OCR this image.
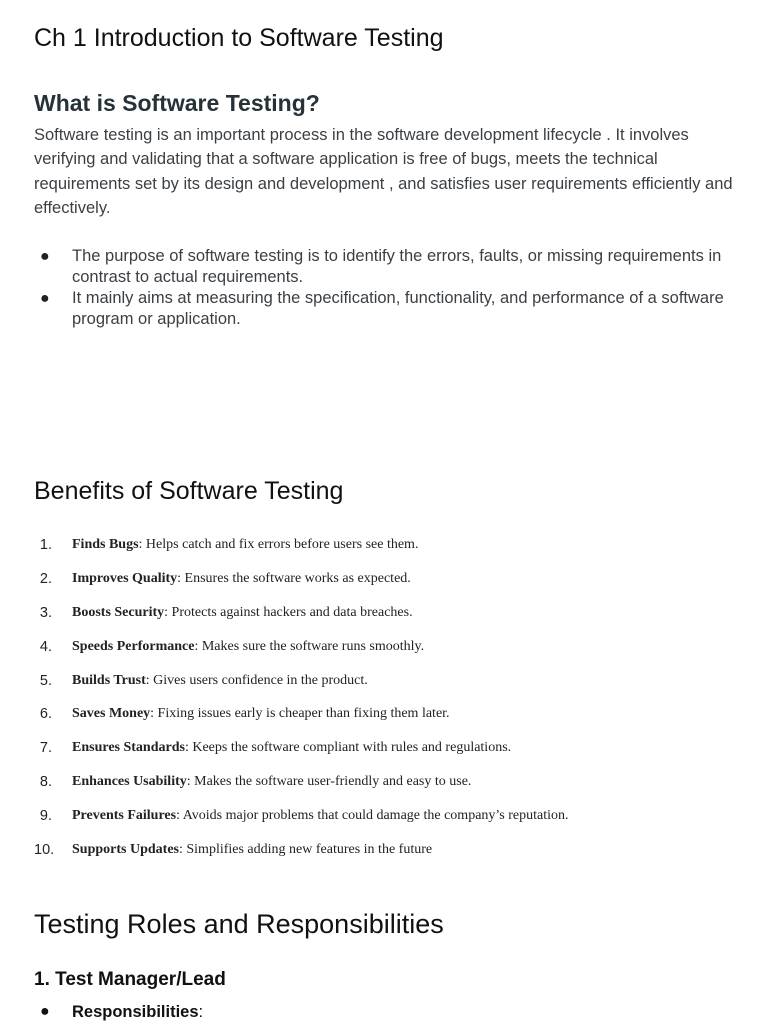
Ch 1 Introduction to Software Testing
What is Software Testing?

Software testing is an important process in the software development lifecycle . It involves verifying and validating that a software application is free of bugs, meets the technical requirements set by its design and development , and satisfies user requirements efficiently and effectively.

● The purpose of software testing is to identify the errors, faults, or missing requirements in contrast to actual requirements.
● It mainly aims at measuring the specification, functionality, and performance of a software program or application.
Benefits of Software Testing
1. Finds Bugs: Helps catch and fix errors before users see them.
2. Improves Quality: Ensures the software works as expected.
3. Boosts Security: Protects against hackers and data breaches.
4. Speeds Performance: Makes sure the software runs smoothly.
5. Builds Trust: Gives users confidence in the product.
6. Saves Money: Fixing issues early is cheaper than fixing them later.
7. Ensures Standards: Keeps the software compliant with rules and regulations.
8. Enhances Usability: Makes the software user-friendly and easy to use.
9. Prevents Failures: Avoids major problems that could damage the company’s reputation.
10. Supports Updates: Simplifies adding new features in the future
Testing Roles and Responsibilities
1. Test Manager/Lead
● Responsibilities:
